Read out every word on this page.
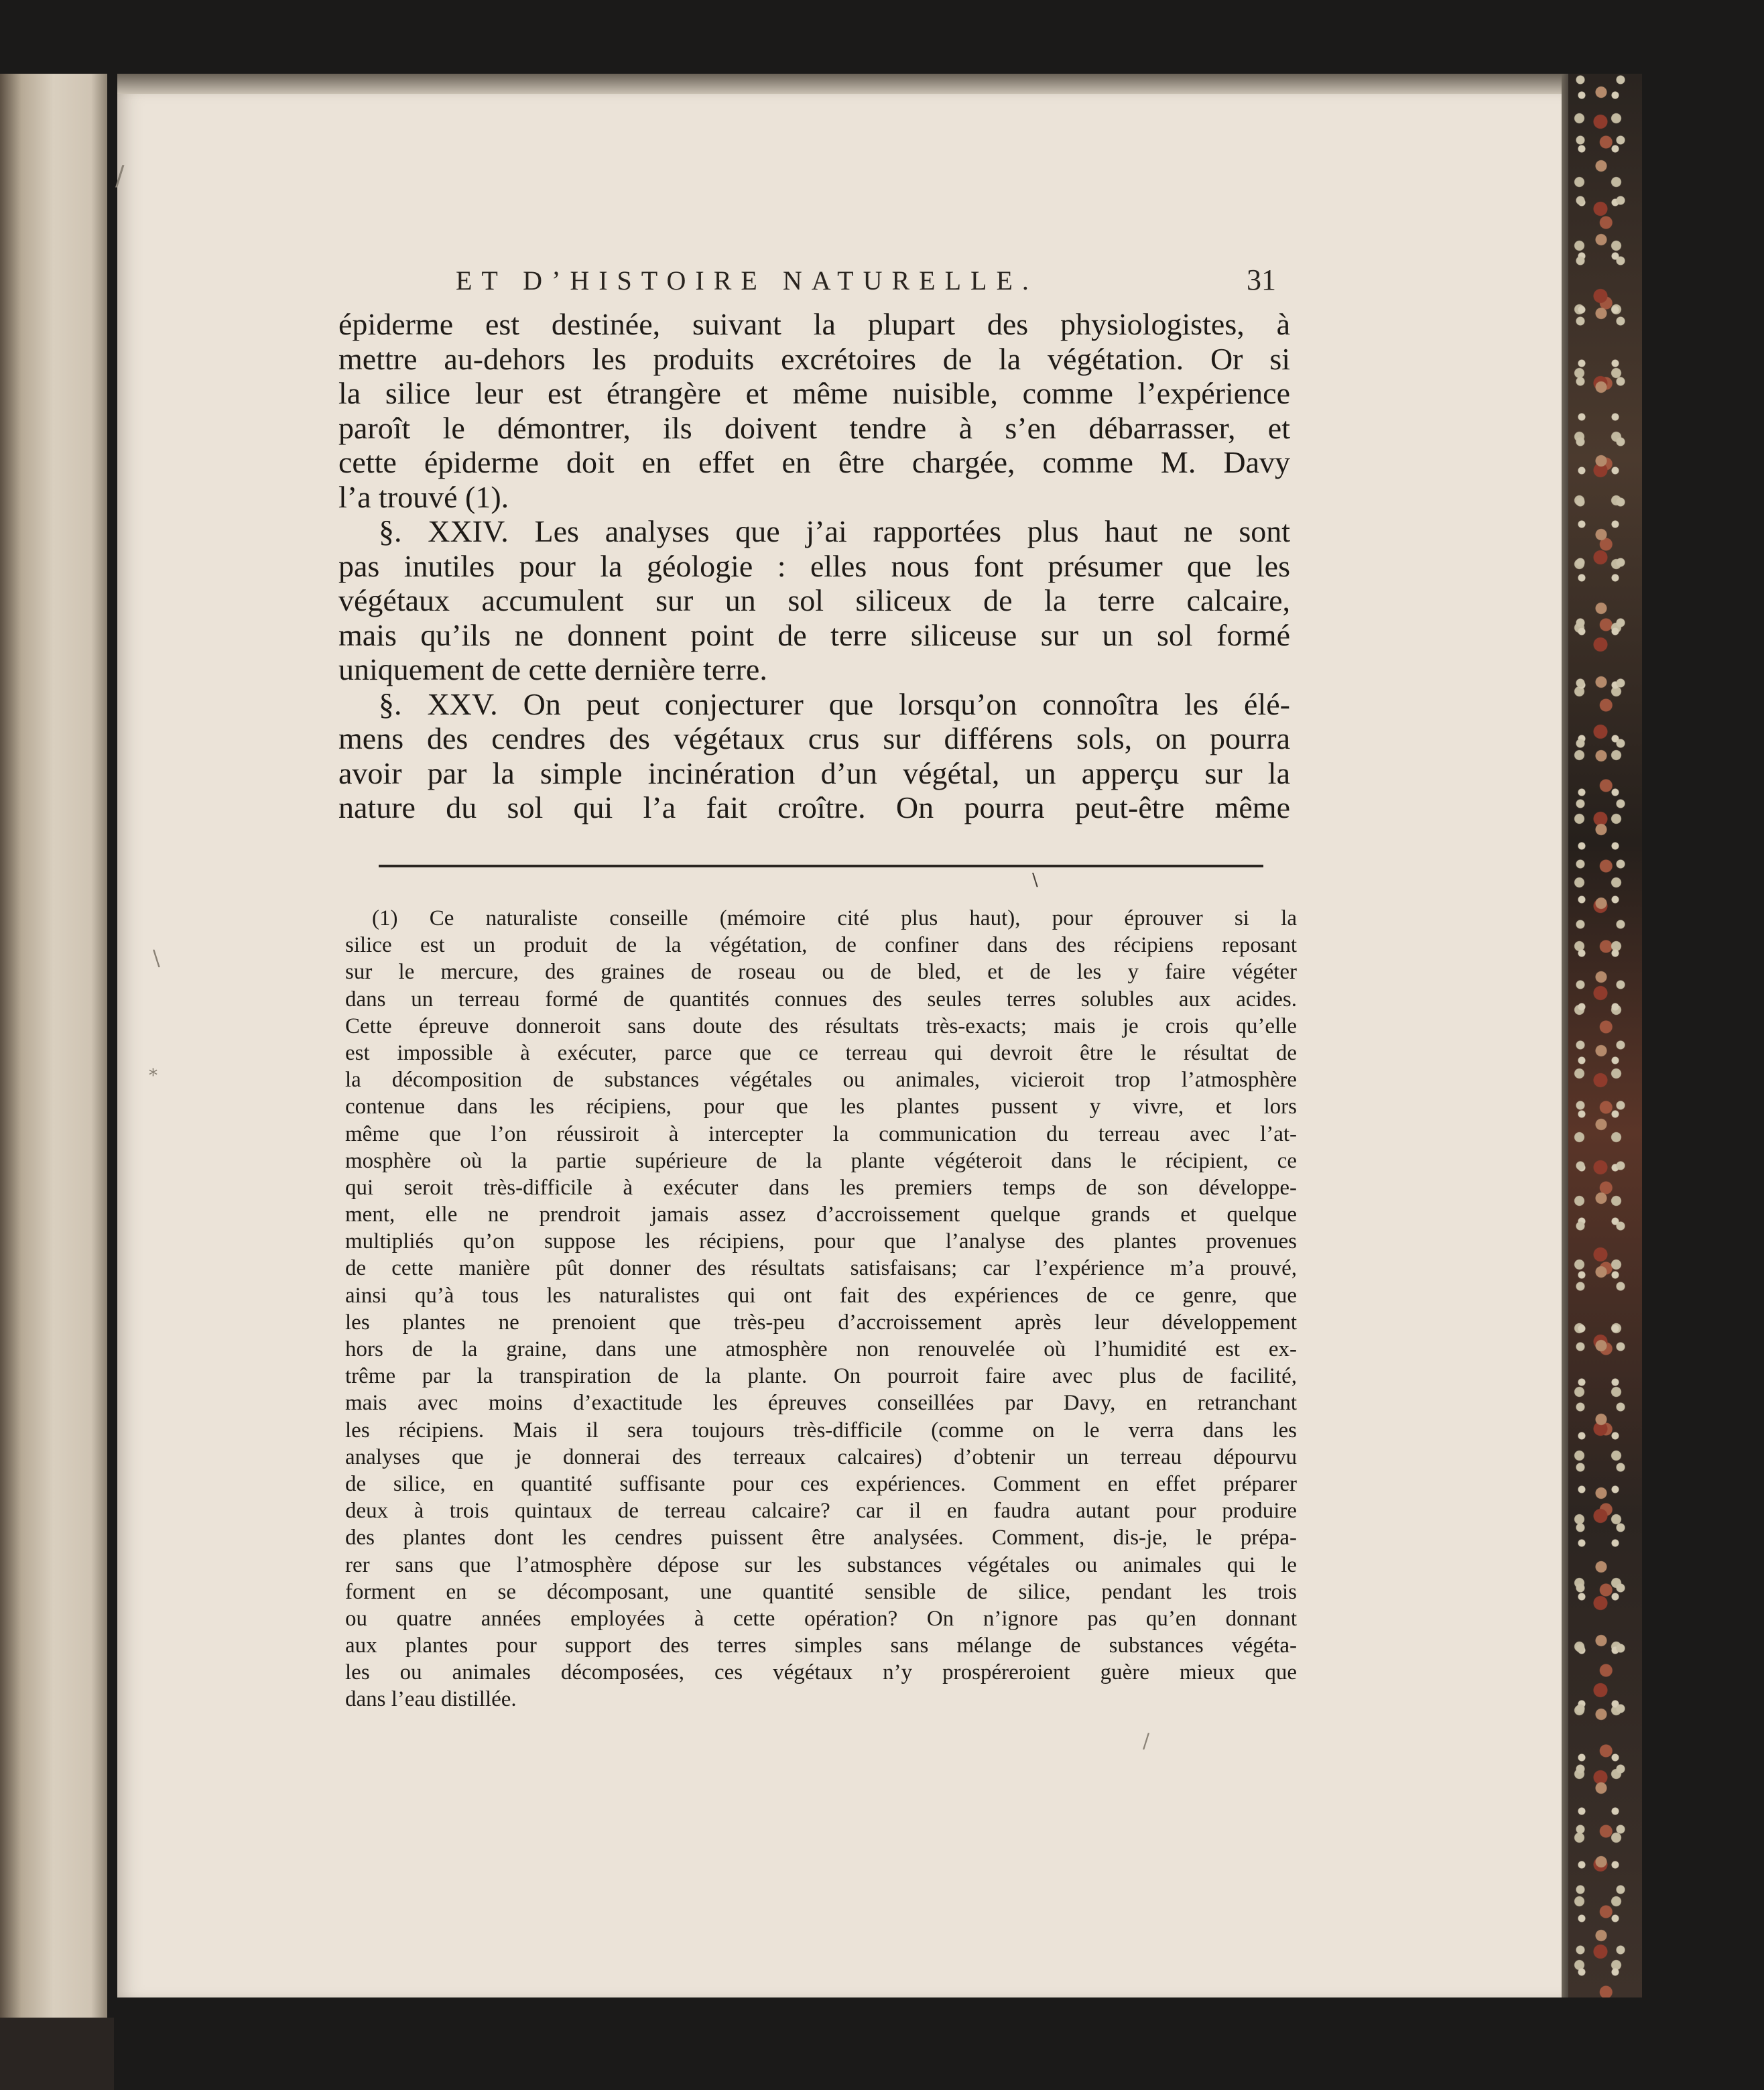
/
\
*
/
ET D’HISTOIRE NATURELLE.	31
épiderme est destinée, suivant la plupart des physiologistes, à
mettre au-dehors les produits excrétoires de la végétation. Or si
la silice leur est étrangère et même nuisible, comme l’expérience
paroît le démontrer, ils doivent tendre à s’en débarrasser, et
cette épiderme doit en effet en être chargée, comme M. Davy
l’a trouvé (1).
§. XXIV. Les analyses que j’ai rapportées plus haut ne sont
pas inutiles pour la géologie : elles nous font présumer que les
végétaux accumulent sur un sol siliceux de la terre calcaire,
mais qu’ils ne donnent point de terre siliceuse sur un sol formé
uniquement de cette dernière terre.
§. XXV. On peut conjecturer que lorsqu’on connoîtra les élé-
mens des cendres des végétaux crus sur différens sols, on pourra
avoir par la simple incinération d’un végétal, un apperçu sur la
nature du sol qui l’a fait croître. On pourra peut-être même
\
(1) Ce naturaliste conseille (mémoire cité plus haut), pour éprouver si la
silice est un produit de la végétation, de confiner dans des récipiens reposant
sur le mercure, des graines de roseau ou de bled, et de les y faire végéter
dans un terreau formé de quantités connues des seules terres solubles aux acides.
Cette épreuve donneroit sans doute des résultats très-exacts; mais je crois qu’elle
est impossible à exécuter, parce que ce terreau qui devroit être le résultat de
la décomposition de substances végétales ou animales, vicieroit trop l’atmosphère
contenue dans les récipiens, pour que les plantes pussent y vivre, et lors
même que l’on réussiroit à intercepter la communication du terreau avec l’at-
mosphère où la partie supérieure de la plante végéteroit dans le récipient, ce
qui seroit très-difficile à exécuter dans les premiers temps de son développe-
ment, elle ne prendroit jamais assez d’accroissement quelque grands et quelque
multipliés qu’on suppose les récipiens, pour que l’analyse des plantes provenues
de cette manière pût donner des résultats satisfaisans; car l’expérience m’a prouvé,
ainsi qu’à tous les naturalistes qui ont fait des expériences de ce genre, que
les plantes ne prenoient que très-peu d’accroissement après leur développement
hors de la graine, dans une atmosphère non renouvelée où l’humidité est ex-
trême par la transpiration de la plante. On pourroit faire avec plus de facilité,
mais avec moins d’exactitude les épreuves conseillées par Davy, en retranchant
les récipiens. Mais il sera toujours très-difficile (comme on le verra dans les
analyses que je donnerai des terreaux calcaires) d’obtenir un terreau dépourvu
de silice, en quantité suffisante pour ces expériences. Comment en effet préparer
deux à trois quintaux de terreau calcaire? car il en faudra autant pour produire
des plantes dont les cendres puissent être analysées. Comment, dis-je, le prépa-
rer sans que l’atmosphère dépose sur les substances végétales ou animales qui le
forment en se décomposant, une quantité sensible de silice, pendant les trois
ou quatre années employées à cette opération? On n’ignore pas qu’en donnant
aux plantes pour support des terres simples sans mélange de substances végéta-
les ou animales décomposées, ces végétaux n’y prospéreroient guère mieux que
dans l’eau distillée.
